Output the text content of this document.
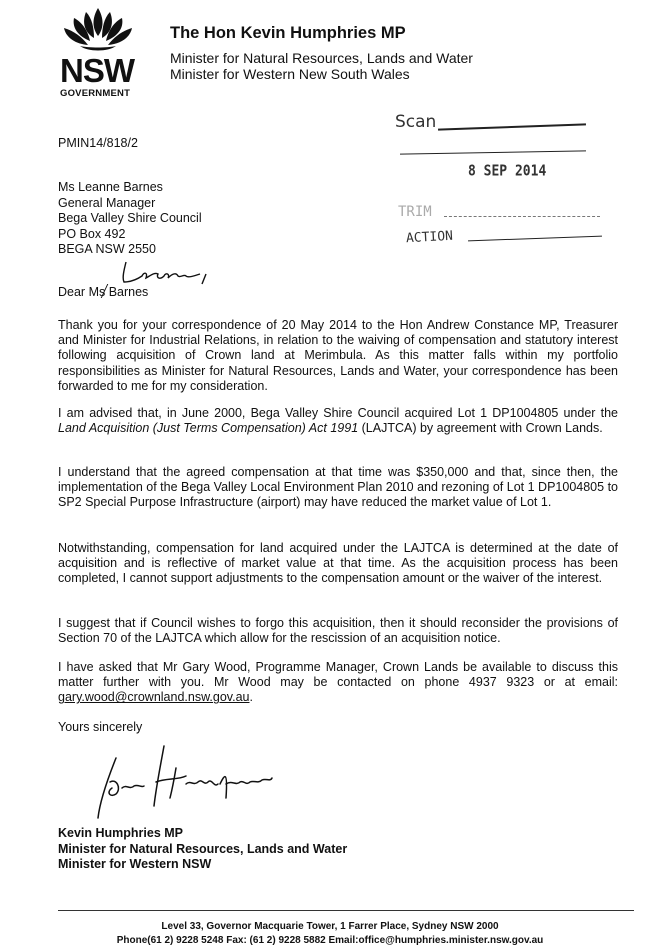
NSW
GOVERNMENT
The Hon Kevin Humphries MP
Minister for Natural Resources, Lands and Water
Minister for Western New South Wales
PMIN14/818/2
Scan
8 SEP 2014
TRIM
ACTION
Ms Leanne Barnes
General Manager
Bega Valley Shire Council
PO Box 492
BEGA NSW 2550
Dear Ms Barnes
Thank you for your correspondence of 20 May 2014 to the Hon Andrew Constance MP, Treasurer and Minister for Industrial Relations, in relation to the waiving of compensation and statutory interest following acquisition of Crown land at Merimbula. As this matter falls within my portfolio responsibilities as Minister for Natural Resources, Lands and Water, your correspondence has been forwarded to me for my consideration.
I am advised that, in June 2000, Bega Valley Shire Council acquired Lot 1 DP1004805 under the Land Acquisition (Just Terms Compensation) Act 1991 (LAJTCA) by agreement with Crown Lands.
I understand that the agreed compensation at that time was $350,000 and that, since then, the implementation of the Bega Valley Local Environment Plan 2010 and rezoning of Lot 1 DP1004805 to SP2 Special Purpose Infrastructure (airport) may have reduced the market value of Lot 1.
Notwithstanding, compensation for land acquired under the LAJTCA is determined at the date of acquisition and is reflective of market value at that time. As the acquisition process has been completed, I cannot support adjustments to the compensation amount or the waiver of the interest.
I suggest that if Council wishes to forgo this acquisition, then it should reconsider the provisions of Section 70 of the LAJTCA which allow for the rescission of an acquisition notice.
I have asked that Mr Gary Wood, Programme Manager, Crown Lands be available to discuss this matter further with you. Mr Wood may be contacted on phone 4937 9323 or at email: gary.wood@crownland.nsw.gov.au.
Yours sincerely
Kevin Humphries MP
Minister for Natural Resources, Lands and Water
Minister for Western NSW
Level 33, Governor Macquarie Tower, 1 Farrer Place, Sydney NSW 2000
Phone(61 2) 9228 5248 Fax: (61 2) 9228 5882 Email:office@humphries.minister.nsw.gov.au
